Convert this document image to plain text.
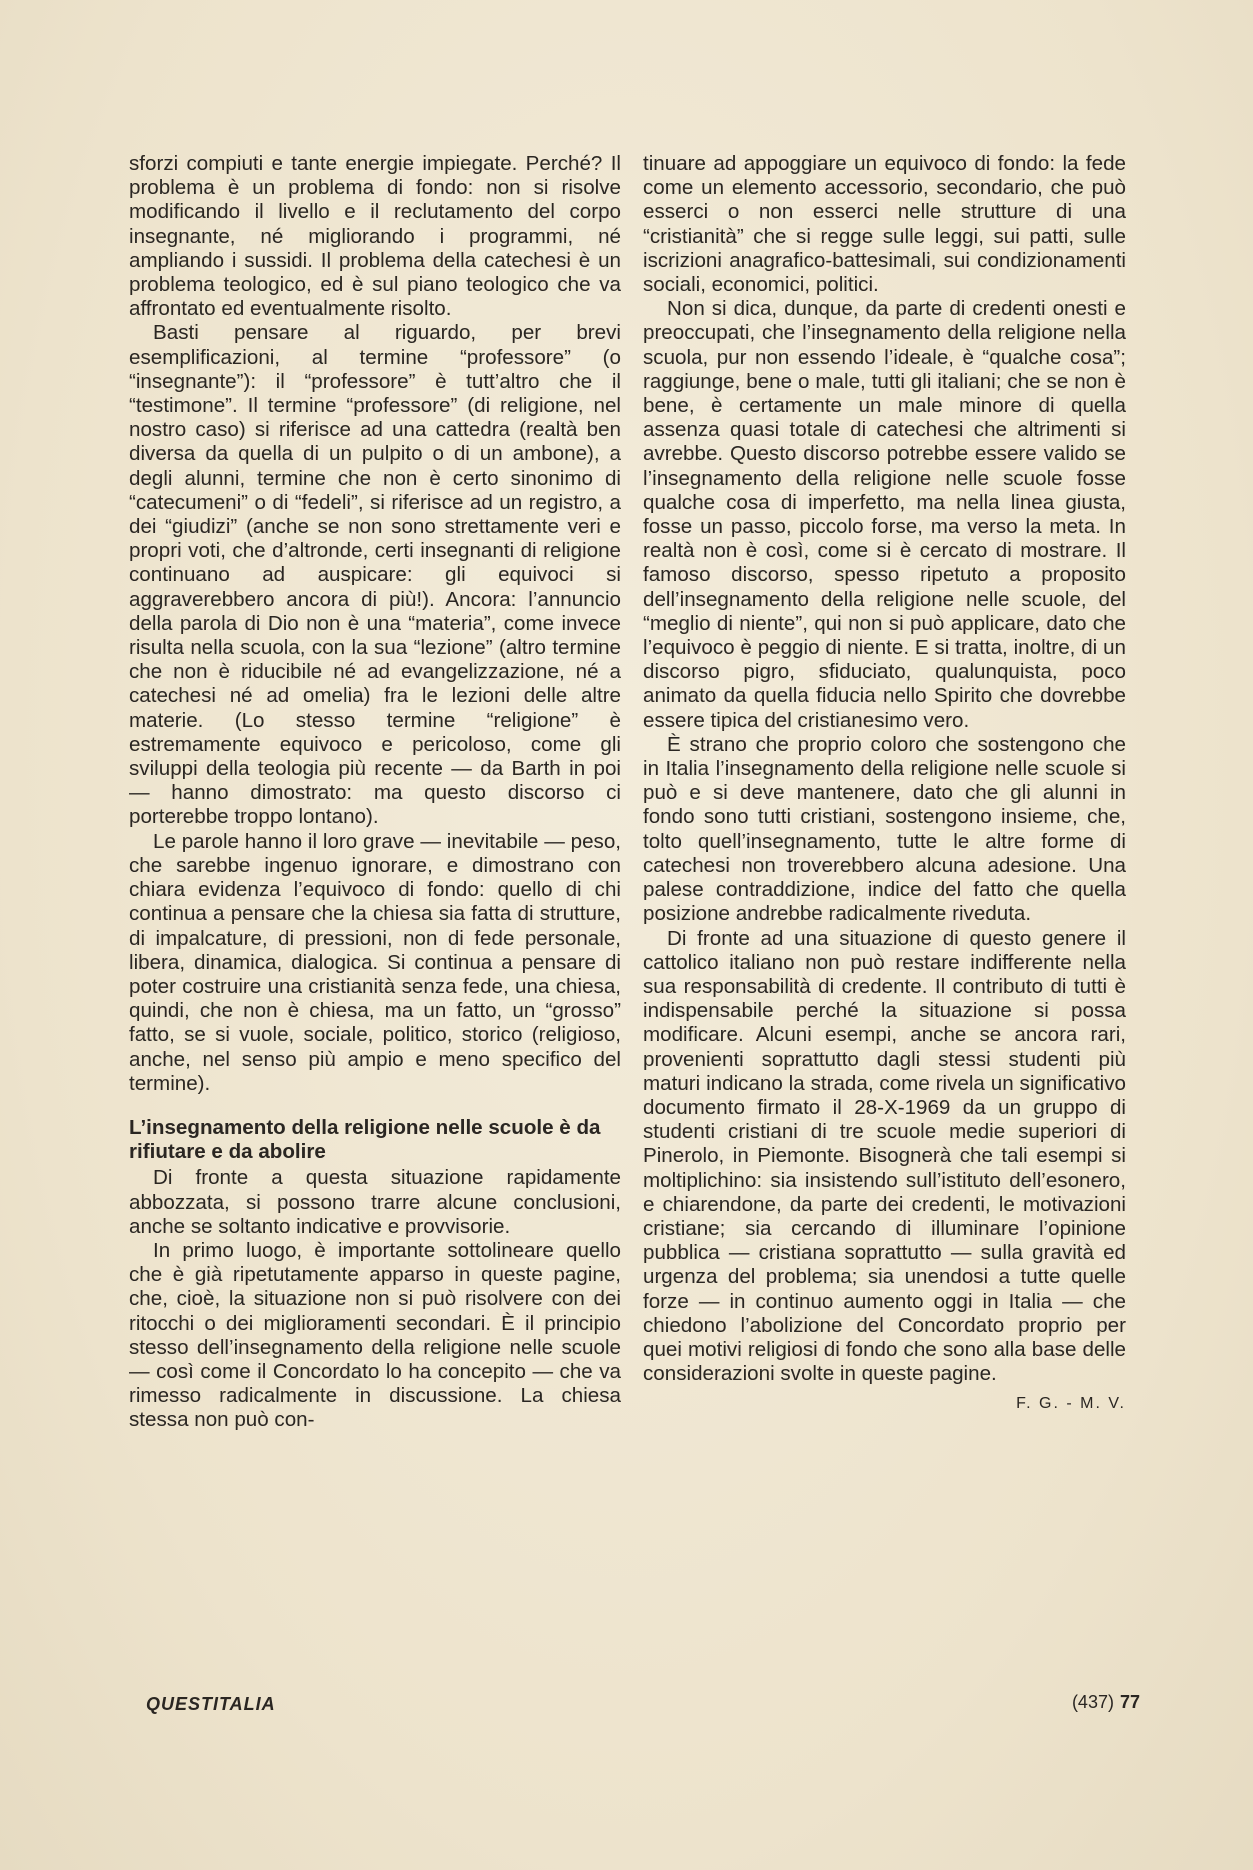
sforzi compiuti e tante energie impiegate. Perché? Il problema è un problema di fondo: non si risolve modificando il livello e il reclutamento del corpo insegnante, né migliorando i programmi, né ampliando i sussidi. Il problema della catechesi è un problema teologico, ed è sul piano teologico che va affrontato ed eventualmente risolto.

Basti pensare al riguardo, per brevi esemplificazioni, al termine “professore” (o “insegnante”): il “professore” è tutt’altro che il “testimone”. Il termine “professore” (di religione, nel nostro caso) si riferisce ad una cattedra (realtà ben diversa da quella di un pulpito o di un ambone), a degli alunni, termine che non è certo sinonimo di “catecumeni” o di “fedeli”, si riferisce ad un registro, a dei “giudizi” (anche se non sono strettamente veri e propri voti, che d’altronde, certi insegnanti di religione continuano ad auspicare: gli equivoci si aggraverebbero ancora di più!). Ancora: l’annuncio della parola di Dio non è una “materia”, come invece risulta nella scuola, con la sua “lezione” (altro termine che non è riducibile né ad evangelizzazione, né a catechesi né ad omelia) fra le lezioni delle altre materie. (Lo stesso termine “religione” è estremamente equivoco e pericoloso, come gli sviluppi della teologia più recente — da Barth in poi — hanno dimostrato: ma questo discorso ci porterebbe troppo lontano).

Le parole hanno il loro grave — inevitabile — peso, che sarebbe ingenuo ignorare, e dimostrano con chiara evidenza l’equivoco di fondo: quello di chi continua a pensare che la chiesa sia fatta di strutture, di impalcature, di pressioni, non di fede personale, libera, dinamica, dialogica. Si continua a pensare di poter costruire una cristianità senza fede, una chiesa, quindi, che non è chiesa, ma un fatto, un “grosso” fatto, se si vuole, sociale, politico, storico (religioso, anche, nel senso più ampio e meno specifico del termine).

L’insegnamento della religione nelle scuole è da rifiutare e da abolire

Di fronte a questa situazione rapidamente abbozzata, si possono trarre alcune conclusioni, anche se soltanto indicative e provvisorie.

In primo luogo, è importante sottolineare quello che è già ripetutamente apparso in queste pagine, che, cioè, la situazione non si può risolvere con dei ritocchi o dei miglioramenti secondari. È il principio stesso dell’insegnamento della religione nelle scuole — così come il Concordato lo ha concepito — che va rimesso radicalmente in discussione. La chiesa stessa non può con-

tinuare ad appoggiare un equivoco di fondo: la fede come un elemento accessorio, secondario, che può esserci o non esserci nelle strutture di una “cristianità” che si regge sulle leggi, sui patti, sulle iscrizioni anagrafico-battesimali, sui condizionamenti sociali, economici, politici.

Non si dica, dunque, da parte di credenti onesti e preoccupati, che l’insegnamento della religione nella scuola, pur non essendo l’ideale, è “qualche cosa”; raggiunge, bene o male, tutti gli italiani; che se non è bene, è certamente un male minore di quella assenza quasi totale di catechesi che altrimenti si avrebbe. Questo discorso potrebbe essere valido se l’insegnamento della religione nelle scuole fosse qualche cosa di imperfetto, ma nella linea giusta, fosse un passo, piccolo forse, ma verso la meta. In realtà non è così, come si è cercato di mostrare. Il famoso discorso, spesso ripetuto a proposito dell’insegnamento della religione nelle scuole, del “meglio di niente”, qui non si può applicare, dato che l’equivoco è peggio di niente. E si tratta, inoltre, di un discorso pigro, sfiduciato, qualunquista, poco animato da quella fiducia nello Spirito che dovrebbe essere tipica del cristianesimo vero.

È strano che proprio coloro che sostengono che in Italia l’insegnamento della religione nelle scuole si può e si deve mantenere, dato che gli alunni in fondo sono tutti cristiani, sostengono insieme, che, tolto quell’insegnamento, tutte le altre forme di catechesi non troverebbero alcuna adesione. Una palese contraddizione, indice del fatto che quella posizione andrebbe radicalmente riveduta.

Di fronte ad una situazione di questo genere il cattolico italiano non può restare indifferente nella sua responsabilità di credente. Il contributo di tutti è indispensabile perché la situazione si possa modificare. Alcuni esempi, anche se ancora rari, provenienti soprattutto dagli stessi studenti più maturi indicano la strada, come rivela un significativo documento firmato il 28-X-1969 da un gruppo di studenti cristiani di tre scuole medie superiori di Pinerolo, in Piemonte. Bisognerà che tali esempi si moltiplichino: sia insistendo sull’istituto dell’esonero, e chiarendone, da parte dei credenti, le motivazioni cristiane; sia cercando di illuminare l’opinione pubblica — cristiana soprattutto — sulla gravità ed urgenza del problema; sia unendosi a tutte quelle forze — in continuo aumento oggi in Italia — che chiedono l’abolizione del Concordato proprio per quei motivi religiosi di fondo che sono alla base delle considerazioni svolte in queste pagine.

F. G. - M. V.
QUESTITALIA	(437) 77
